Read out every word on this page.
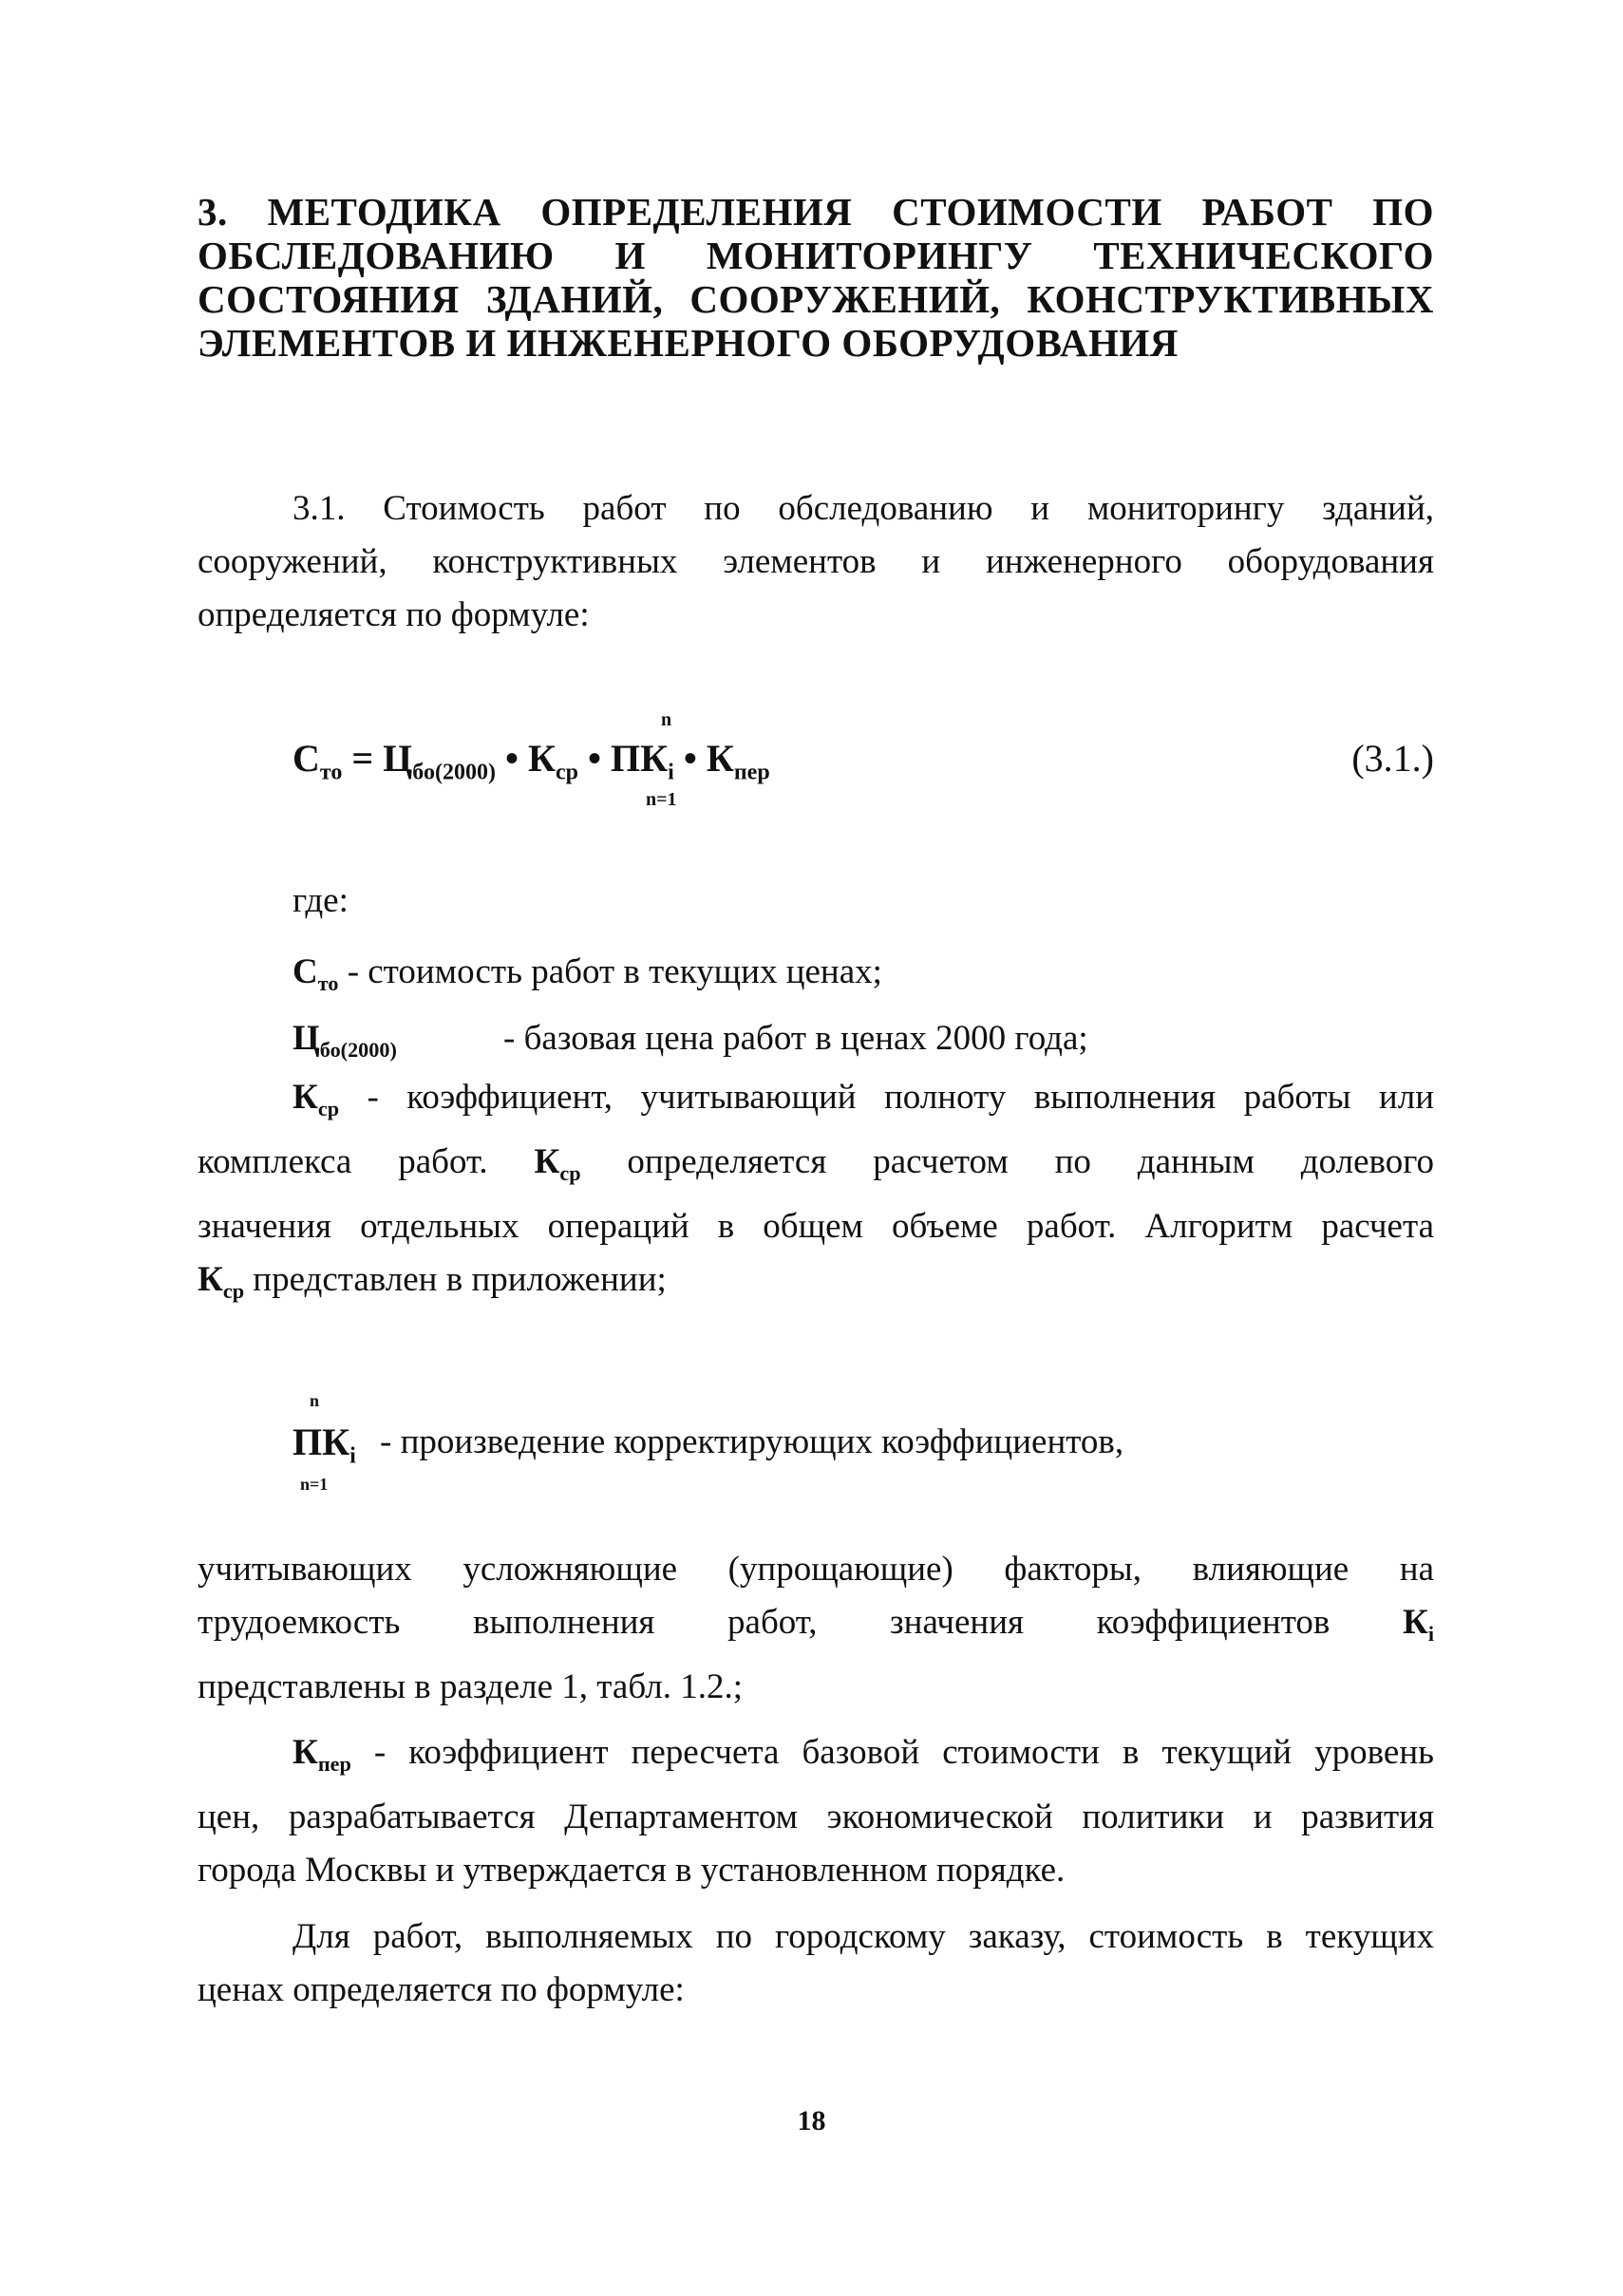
3. МЕТОДИКА ОПРЕДЕЛЕНИЯ СТОИМОСТИ РАБОТ ПО
ОБСЛЕДОВАНИЮ И МОНИТОРИНГУ ТЕХНИЧЕСКОГО
СОСТОЯНИЯ ЗДАНИЙ, СООРУЖЕНИЙ, КОНСТРУКТИВНЫХ
ЭЛЕМЕНТОВ И ИНЖЕНЕРНОГО ОБОРУДОВАНИЯ
3.1. Стоимость работ по обследованию и мониторингу зданий,
сооружений, конструктивных элементов и инженерного оборудования
определяется по формуле:
n
$С_{то} = Ц_{бо(2000)}$ • $К_{ср}$ • $ПК_i$ • $К_{пер}$
n=1
(3.1.)
где:
$С_{то}$ - стоимость работ в текущих ценах;
$Ц_{бо(2000)}$	- базовая цена работ в ценах 2000 года;
$К_{ср}$ - коэффициент, учитывающий полноту выполнения работы или
комплекса работ. $К_{ср}$ определяется расчетом по данным долевого
значения отдельных операций в общем объеме работ. Алгоритм расчета
$К_{ср}$ представлен в приложении;
n
$ПК_i$
n=1
- произведение корректирующих коэффициентов,
учитывающих усложняющие (упрощающие) факторы, влияющие на
трудоемкость выполнения работ, значения коэффициентов $К_i$
представлены в разделе 1, табл. 1.2.;
$К_{пер}$ - коэффициент пересчета базовой стоимости в текущий уровень
цен, разрабатывается Департаментом экономической политики и развития
города Москвы и утверждается в установленном порядке.
Для работ, выполняемых по городскому заказу, стоимость в текущих
ценах определяется по формуле:
18
